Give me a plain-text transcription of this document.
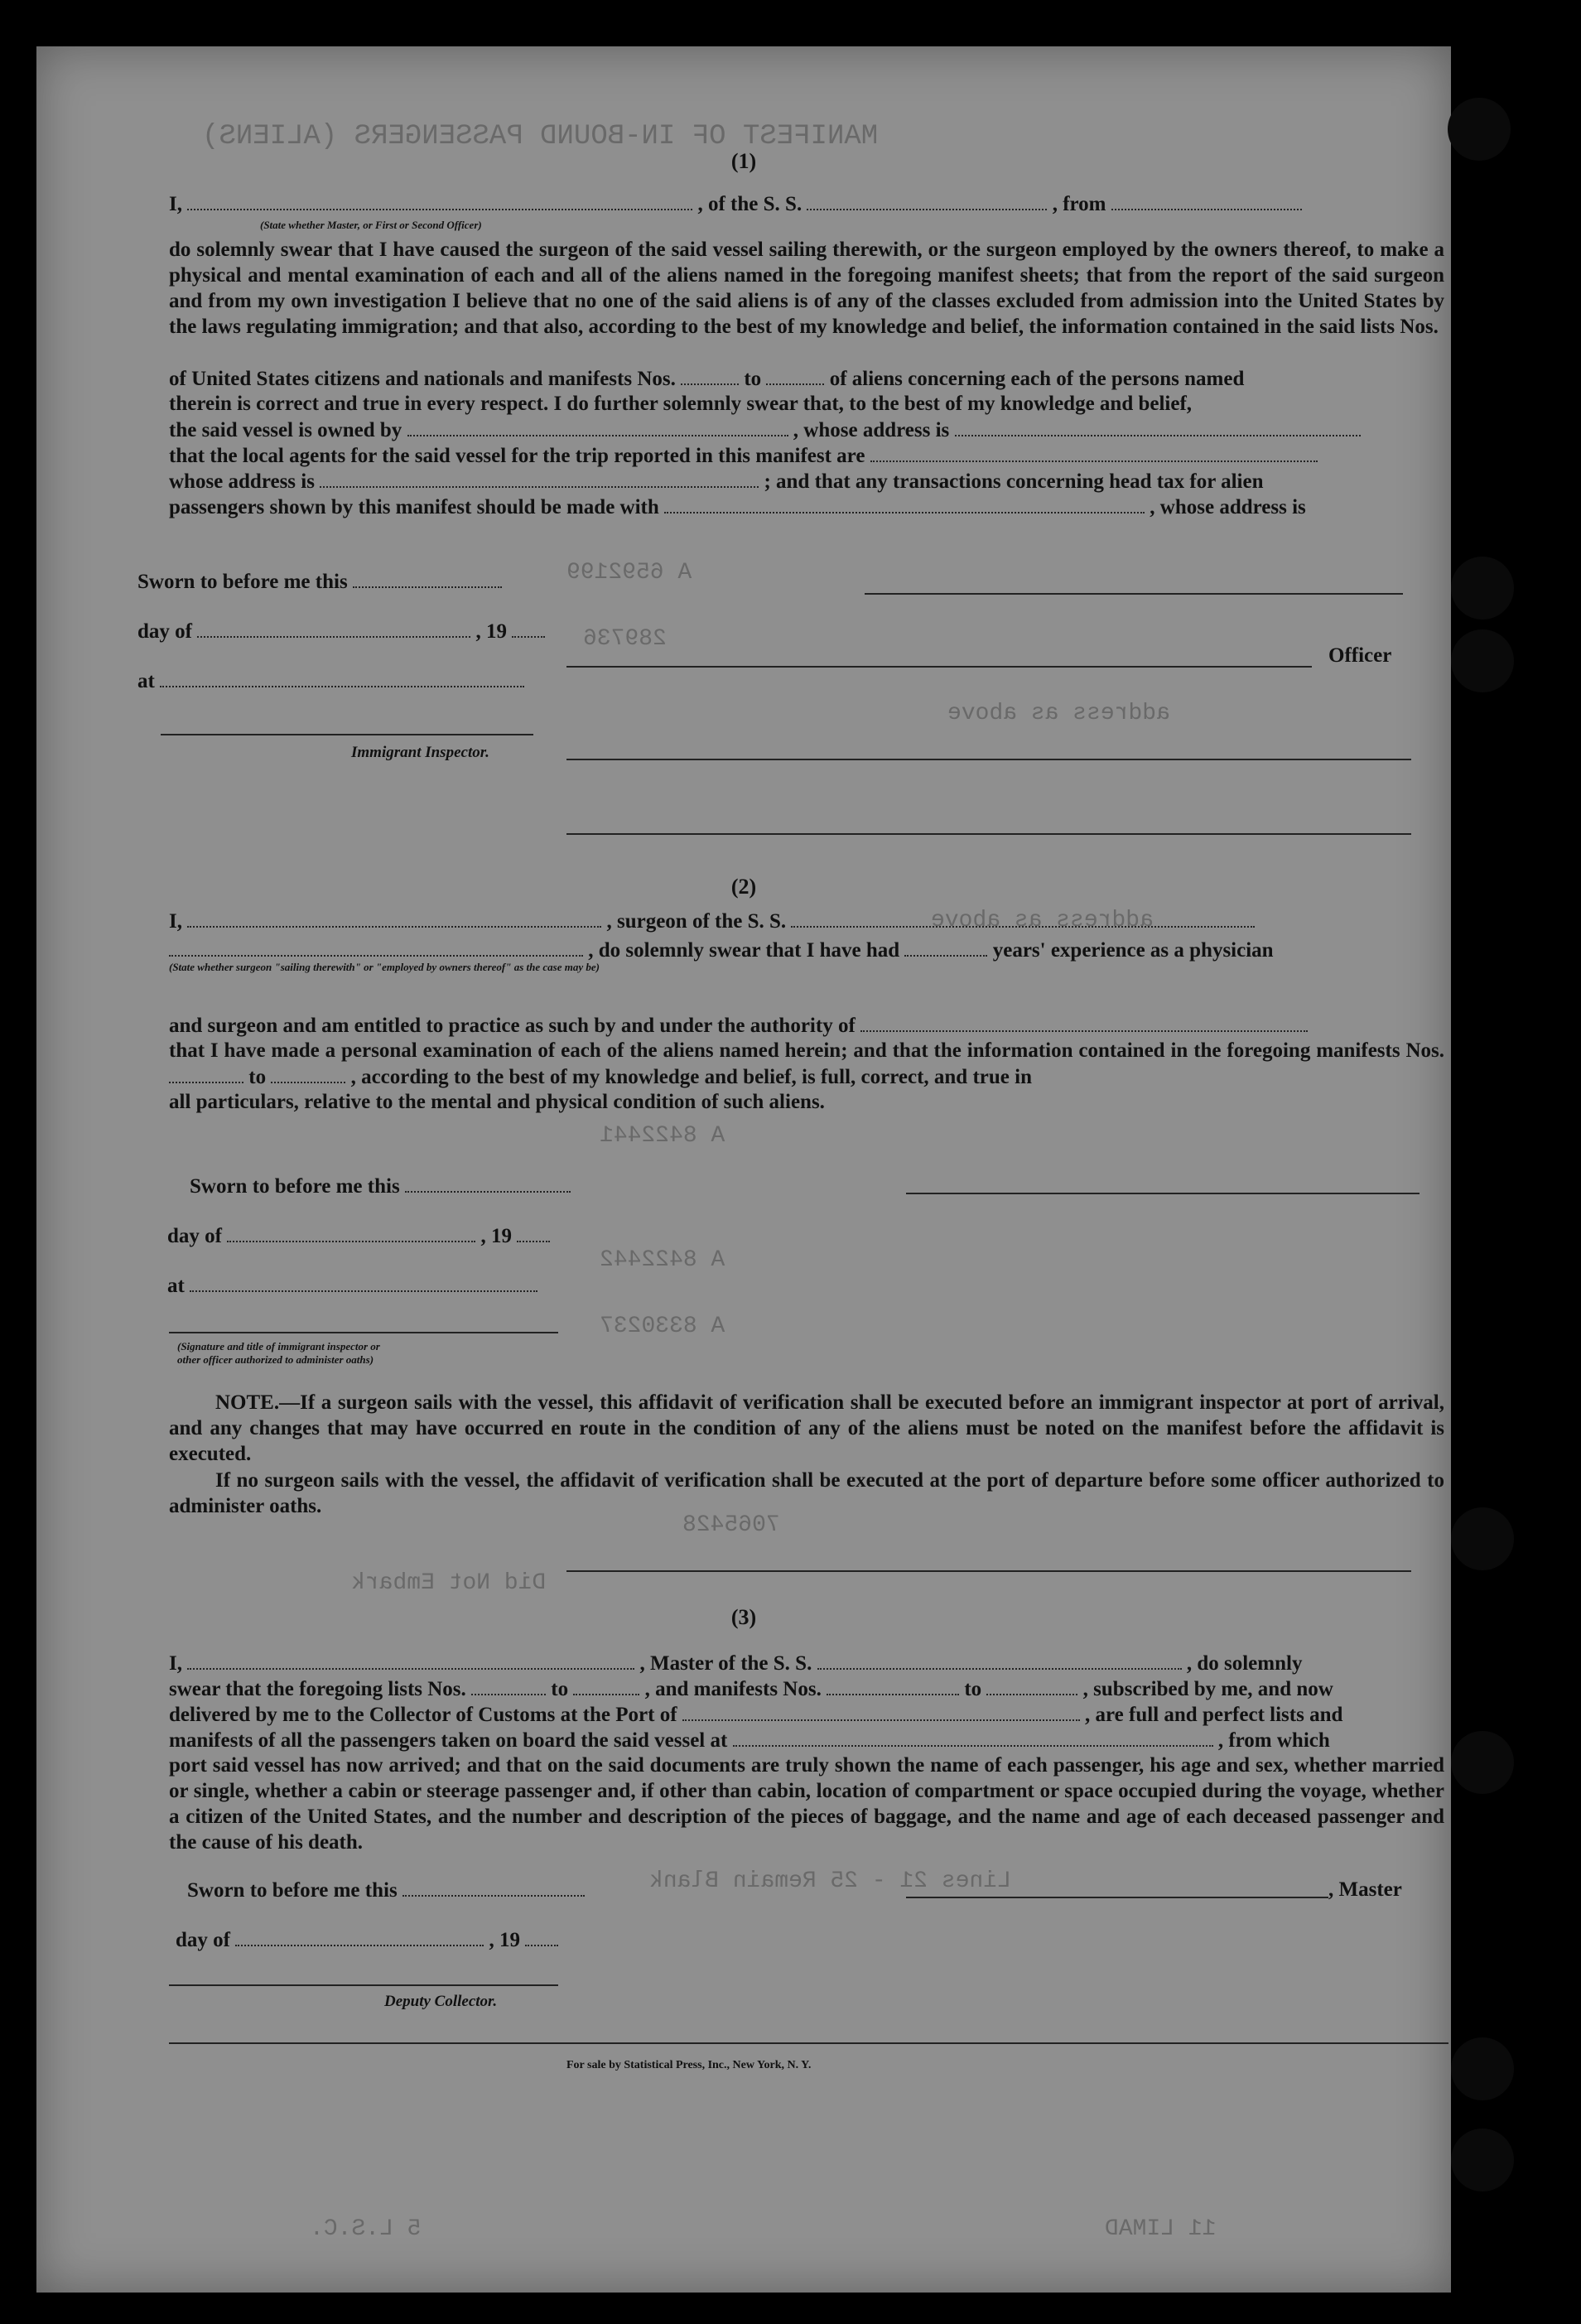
MANIFEST OF IN-BOUND PASSENGERS (ALIENS)
A 6592199
289736
address as above
address as above
A 8422441
A 8422442
A 8330237
7065428
Did Not Embark
Lines 21 - 25 Remain Blank
(1)
I,	, of the S. S.	, from
(State whether Master, or First or Second Officer)
do solemnly swear that I have caused the surgeon of the said vessel sailing therewith, or the surgeon employed by the owners thereof, to make a physical and mental examination of each and all of the aliens named in the foregoing manifest sheets; that from the report of the said surgeon and from my own investigation I believe that no one of the said aliens is of any of the classes excluded from admission into the United States by the laws regulating immigration; and that also, according to the best of my knowledge and belief, the information contained in the said lists Nos.
of United States citizens and nationals and manifests Nos.	to	of aliens concerning each of the persons named
therein is correct and true in every respect. I do further solemnly swear that, to the best of my knowledge and belief,
the said vessel is owned by	, whose address is
that the local agents for the said vessel for the trip reported in this manifest are
whose address is	; and that any transactions concerning head tax for alien
passengers shown by this manifest should be made with	, whose address is
Sworn to before me this
day of	, 19
Officer
at
Immigrant Inspector.
(2)
I,	, surgeon of the S. S.
, do solemnly swear that I have had	years' experience as a physician
(State whether surgeon "sailing therewith" or "employed by owners thereof" as the case may be)
and surgeon and am entitled to practice as such by and under the authority of
that I have made a personal examination of each of the aliens named herein; and that the information contained in the foregoing manifests Nos.  to	, according to the best of my knowledge and belief, is full, correct, and true in
all particulars, relative to the mental and physical condition of such aliens.
Sworn to before me this
day of	, 19
at
(Signature and title of immigrant inspector or
other officer authorized to administer oaths)
NOTE.—If a surgeon sails with the vessel, this affidavit of verification shall be executed before an immigrant inspector at port of arrival, and any changes that may have occurred en route in the condition of any of the aliens must be noted on the manifest before the affidavit is executed.
If no surgeon sails with the vessel, the affidavit of verification shall be executed at the port of departure before some officer authorized to administer oaths.
(3)
I,	, Master of the S. S.	, do solemnly
swear that the foregoing lists Nos.	to	, and manifests Nos.	to	, subscribed by me, and now
delivered by me to the Collector of Customs at the Port of	, are full and perfect lists and
manifests of all the passengers taken on board the said vessel at	, from which
port said vessel has now arrived; and that on the said documents are truly shown the name of each passenger, his age and sex, whether married or single, whether a cabin or steerage passenger and, if other than cabin, location of compartment or space occupied during the voyage, whether a citizen of the United States, and the number and description of the pieces of baggage, and the name and age of each deceased passenger and the cause of his death.
Sworn to before me this	, Master
day of	, 19
Deputy Collector.
For sale by Statistical Press, Inc., New York, N. Y.
5 L.S.C.	11 LIMAD
